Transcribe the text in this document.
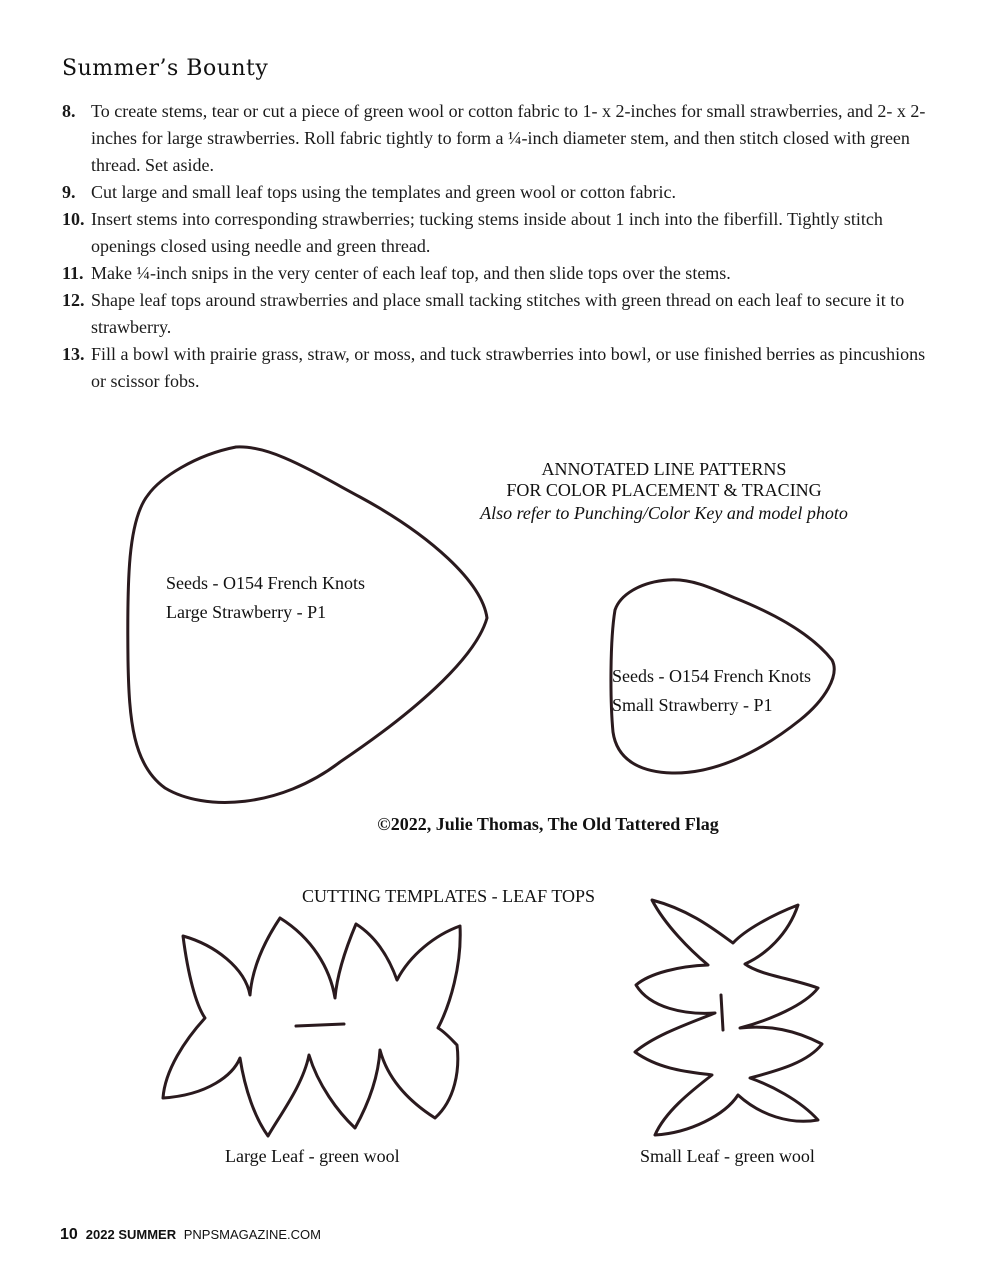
Summer’s Bounty
8. To create stems, tear or cut a piece of green wool or cotton fabric to 1- x 2-inches for small strawberries, and 2- x 2-inches for large strawberries. Roll fabric tightly to form a ¼-inch diameter stem, and then stitch closed with green thread. Set aside.
9. Cut large and small leaf tops using the templates and green wool or cotton fabric.
10. Insert stems into corresponding strawberries; tucking stems inside about 1 inch into the fiberfill. Tightly stitch openings closed using needle and green thread.
11. Make ¼-inch snips in the very center of each leaf top, and then slide tops over the stems.
12. Shape leaf tops around strawberries and place small tacking stitches with green thread on each leaf to secure it to strawberry.
13. Fill a bowl with prairie grass, straw, or moss, and tuck strawberries into bowl, or use finished berries as pincushions or scissor fobs.
ANNOTATED LINE PATTERNS
FOR COLOR PLACEMENT & TRACING
Also refer to Punching/Color Key and model photo
Seeds - O154 French Knots
Large Strawberry - P1
Seeds - O154 French Knots
Small Strawberry - P1
©2022, Julie Thomas, The Old Tattered Flag
CUTTING TEMPLATES - LEAF TOPS
Large Leaf - green wool	Small Leaf - green wool
10 2022 SUMMER PNPSMAGAZINE.COM
